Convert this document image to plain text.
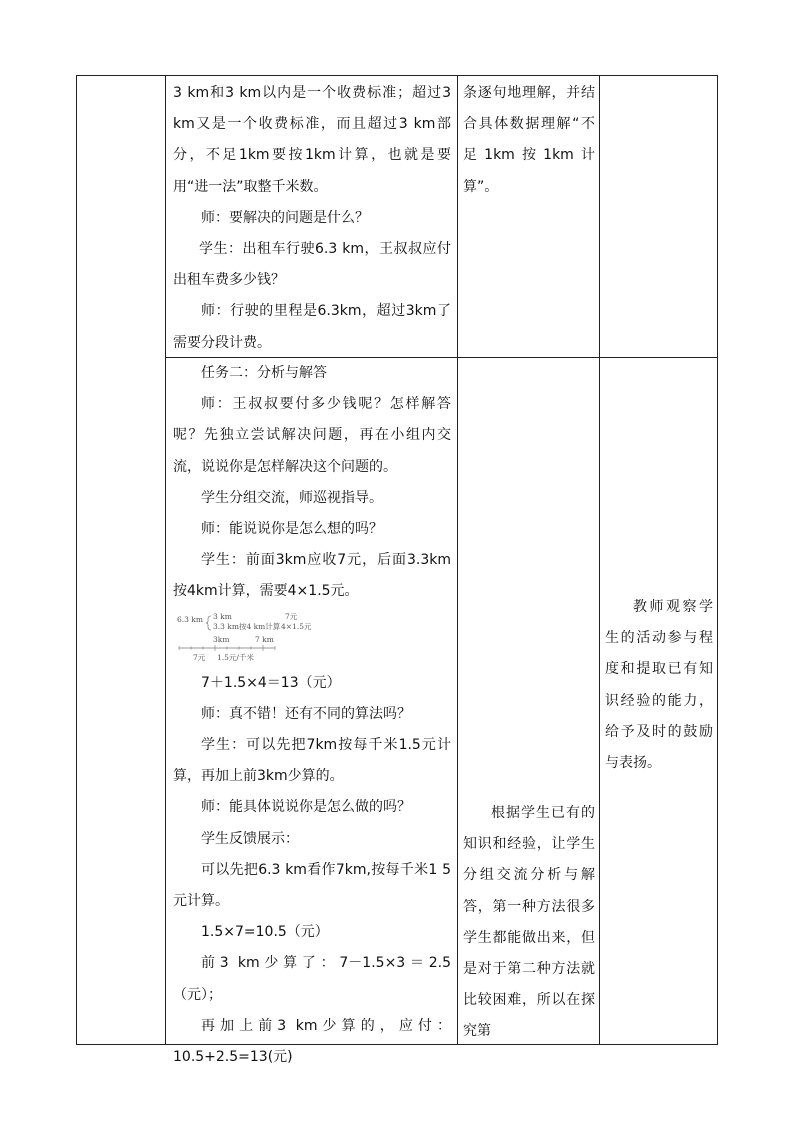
3 km和3 km以内是一个收费标准；超过3 km又是一个收费标准，而且超过3 km部分，不足1km要按1km计算，也就是要用“进一法”取整千米数。

师：要解决的问题是什么？

学生：出租车行驶6.3 km，王叔叔应付出租车费多少钱？

师：行驶的里程是6.3km，超过3km了需要分段计费。

条逐句地理解，并结合具体数据理解“不足1km按1km计算”。

任务二：分析与解答

师：王叔叔要付多少钱呢？怎样解答呢？先独立尝试解决问题，再在小组内交流，说说你是怎样解决这个问题的。

学生分组交流，师巡视指导。

师：能说说你是怎么想的吗？

学生：前面3km应收7元，后面3.3km按4km计算，需要4×1.5元。

6.3 km 3 km
3.3 km按4 km计算
7元
4×1.5元
3km	7 km
7元 1.5元/千米

7＋1.5×4＝13（元）

师：真不错！还有不同的算法吗？

学生：可以先把7km按每千米1.5元计算，再加上前3km少算的。

师：能具体说说你是怎么做的吗？

学生反馈展示：

可以先把6.3 km看作7km,按每千米1 5元计算。

1.5×7=10.5（元）

前3 km少算了：7－1.5×3＝2.5（元）；

再加上前3 km少算的，应付：10.5+2.5=13(元)

根据学生已有的知识和经验，让学生分组交流分析与解答，第一种方法很多学生都能做出来，但是对于第二种方法就比较困难，所以在探究第

教师观察学生的活动参与程度和提取已有知识经验的能力，给予及时的鼓励与表扬。
